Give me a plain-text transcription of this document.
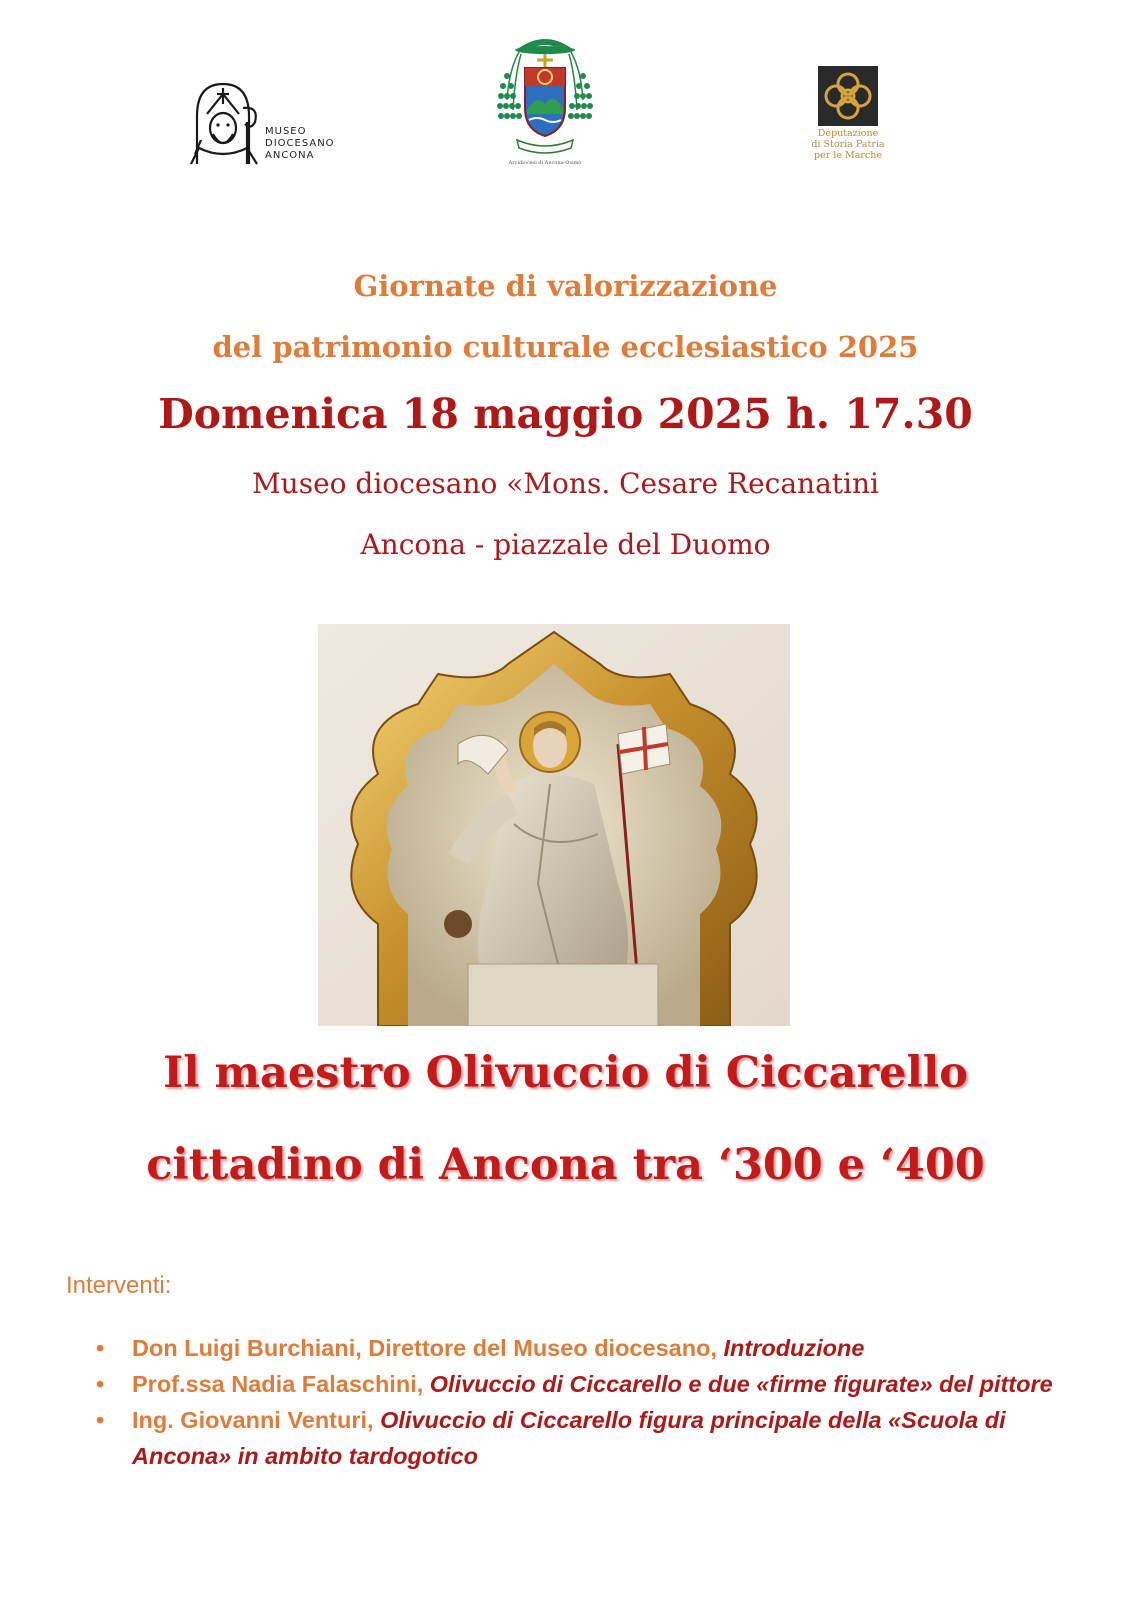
MUSEO
DIOCESANO
ANCONA
Arcidiocesi di Ancona-Osimo
Deputazione
di Storia Patria
per le Marche
Giornate di valorizzazione
del patrimonio culturale ecclesiastico 2025
Domenica 18 maggio 2025 h. 17.30
Museo diocesano «Mons. Cesare Recanatini
Ancona - piazzale del Duomo
Il maestro Olivuccio di Ciccarello
cittadino di Ancona tra ‘300 e ‘400
Interventi:
• Don Luigi Burchiani, Direttore del Museo diocesano, Introduzione
• Prof.ssa Nadia Falaschini, Olivuccio di Ciccarello e due «firme figurate» del pittore
• Ing. Giovanni Venturi, Olivuccio di Ciccarello figura principale della «Scuola di Ancona» in ambito tardogotico
